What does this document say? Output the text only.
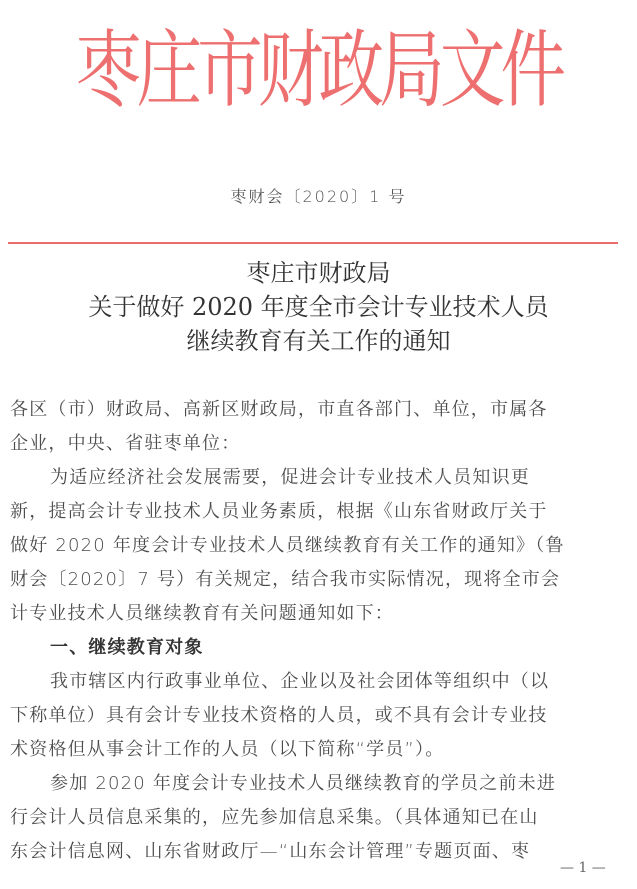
枣庄市财政局文件
枣财会〔2020〕1 号
枣庄市财政局
关于做好 2020 年度全市会计专业技术人员
继续教育有关工作的通知

各区（市）财政局、高新区财政局，市直各部门、单位，市属各
企业，中央、省驻枣单位：

为适应经济社会发展需要，促进会计专业技术人员知识更
新，提高会计专业技术人员业务素质，根据《山东省财政厅关于
做好 2020 年度会计专业技术人员继续教育有关工作的通知》（鲁
财会〔2020〕7 号）有关规定，结合我市实际情况，现将全市会
计专业技术人员继续教育有关问题通知如下：

一、继续教育对象

我市辖区内行政事业单位、企业以及社会团体等组织中（以
下称单位）具有会计专业技术资格的人员，或不具有会计专业技
术资格但从事会计工作的人员（以下简称“学员”）。

参加 2020 年度会计专业技术人员继续教育的学员之前未进
行会计人员信息采集的，应先参加信息采集。（具体通知已在山
东会计信息网、山东省财政厅—“山东会计管理”专题页面、枣

— 1 —
